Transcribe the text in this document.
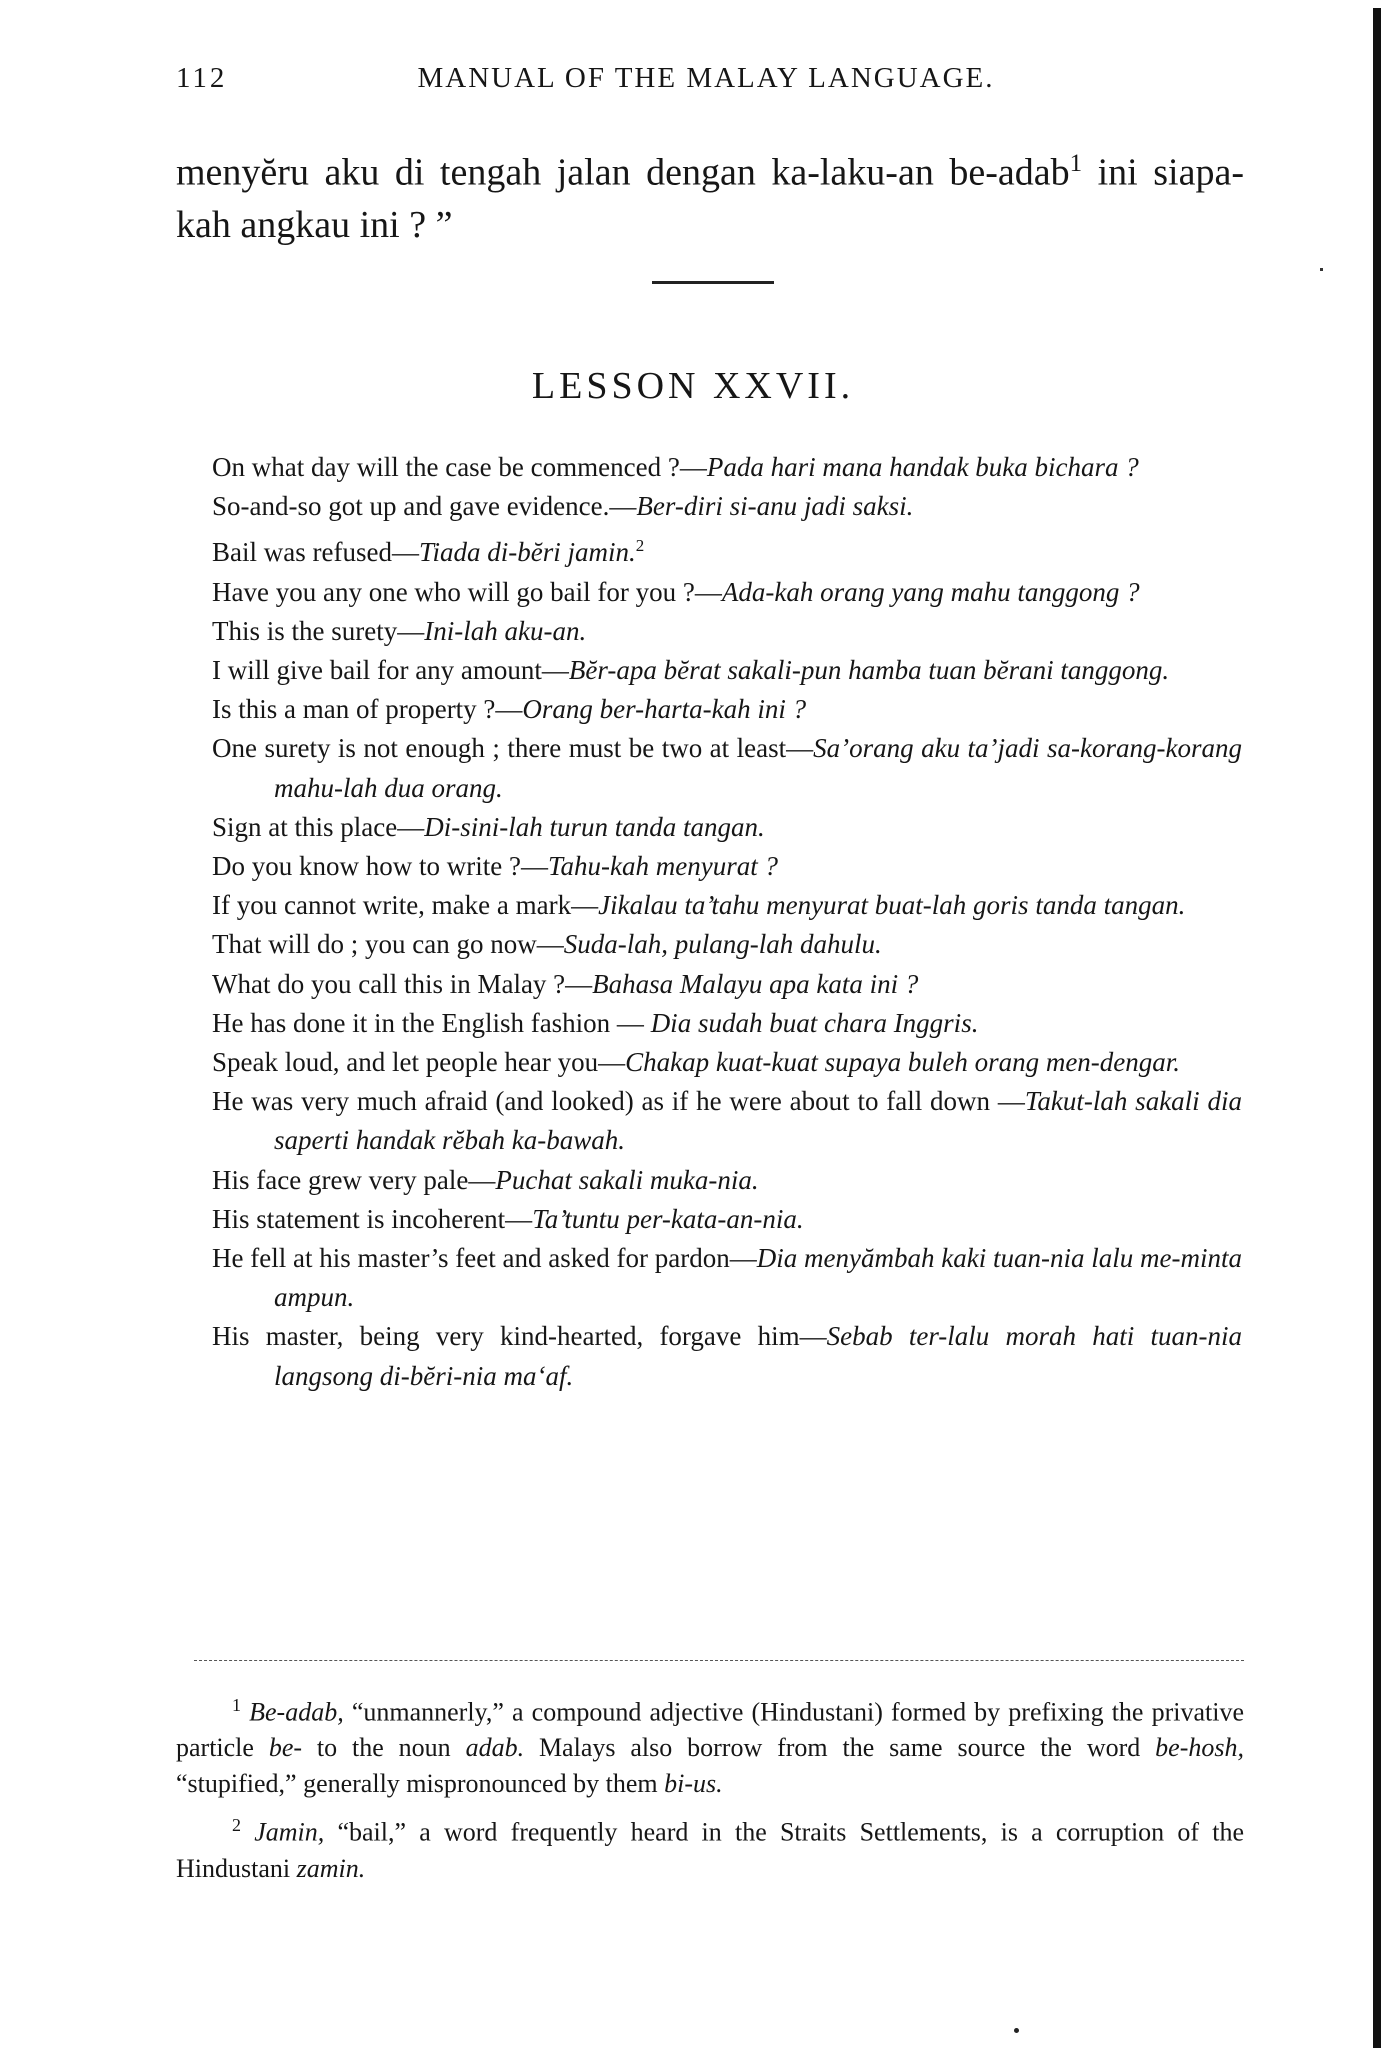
112	MANUAL OF THE MALAY LANGUAGE.

menyĕru aku di tengah jalan dengan ka-laku-an be-adab$^1$ ini siapa-kah angkau ini ? ”

LESSON XXVII.
On what day will the case be commenced ?—Pada hari mana handak buka bichara ?
So-and-so got up and gave evidence.—Ber-diri si-anu jadi saksi.
Bail was refused—Tiada di-bĕri jamin.$^2$
Have you any one who will go bail for you ?—Ada-kah orang yang mahu tanggong ?
This is the surety—Ini-lah aku-an.
I will give bail for any amount—Bĕr-apa bĕrat sakali-pun hamba tuan bĕrani tanggong.
Is this a man of property ?—Orang ber-harta-kah ini ?
One surety is not enough ; there must be two at least—Sa’orang aku ta’jadi sa-korang-korang mahu-lah dua orang.
Sign at this place—Di-sini-lah turun tanda tangan.
Do you know how to write ?—Tahu-kah menyurat ?
If you cannot write, make a mark—Jikalau ta’tahu menyurat buat-lah goris tanda tangan.
That will do ; you can go now—Suda-lah, pulang-lah dahulu.
What do you call this in Malay ?—Bahasa Malayu apa kata ini ?
He has done it in the English fashion — Dia sudah buat chara Inggris.
Speak loud, and let people hear you—Chakap kuat-kuat supaya buleh orang men-dengar.
He was very much afraid (and looked) as if he were about to fall down —Takut-lah sakali dia saperti handak rĕbah ka-bawah.
His face grew very pale—Puchat sakali muka-nia.
His statement is incoherent—Ta’tuntu per-kata-an-nia.
He fell at his master’s feet and asked for pardon—Dia menyămbah kaki tuan-nia lalu me-minta ampun.
His master, being very kind-hearted, forgave him—Sebab ter-lalu morah hati tuan-nia langsong di-bĕri-nia ma‘af.

$^1$ Be-adab, “unmannerly,” a compound adjective (Hindustani) formed by prefixing the privative particle be- to the noun adab. Malays also borrow from the same source the word be-hosh, “stupified,” generally mispronounced by them bi-us.

$^2$ Jamin, “bail,” a word frequently heard in the Straits Settlements, is a corruption of the Hindustani zamin.
